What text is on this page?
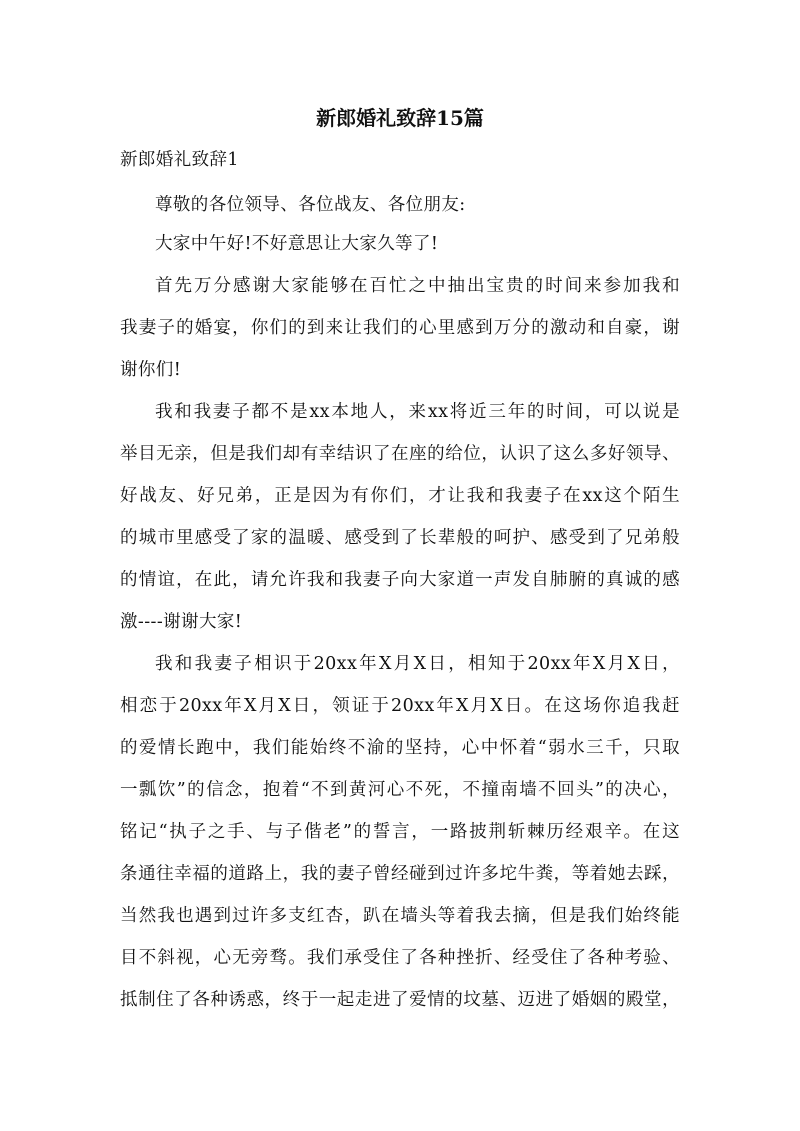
新郎婚礼致辞15篇
新郎婚礼致辞1
尊敬的各位领导、各位战友、各位朋友:
大家中午好!不好意思让大家久等了!
首先万分感谢大家能够在百忙之中抽出宝贵的时间来参加我和
我妻子的婚宴，你们的到来让我们的心里感到万分的激动和自豪，谢
谢你们!
我和我妻子都不是xx本地人，来xx将近三年的时间，可以说是
举目无亲，但是我们却有幸结识了在座的给位，认识了这么多好领导、
好战友、好兄弟，正是因为有你们，才让我和我妻子在xx这个陌生
的城市里感受了家的温暖、感受到了长辈般的呵护、感受到了兄弟般
的情谊，在此，请允许我和我妻子向大家道一声发自肺腑的真诚的感
激----谢谢大家!
我和我妻子相识于20xx年X月X日，相知于20xx年X月X日，
相恋于20xx年X月X日，领证于20xx年X月X日。在这场你追我赶
的爱情长跑中，我们能始终不渝的坚持，心中怀着“弱水三千，只取
一瓢饮”的信念，抱着“不到黄河心不死，不撞南墙不回头”的决心，
铭记“执子之手、与子偕老”的誓言，一路披荆斩棘历经艰辛。在这
条通往幸福的道路上，我的妻子曾经碰到过许多坨牛粪，等着她去踩，
当然我也遇到过许多支红杏，趴在墙头等着我去摘，但是我们始终能
目不斜视，心无旁骛。我们承受住了各种挫折、经受住了各种考验、
抵制住了各种诱惑，终于一起走进了爱情的坟墓、迈进了婚姻的殿堂，
